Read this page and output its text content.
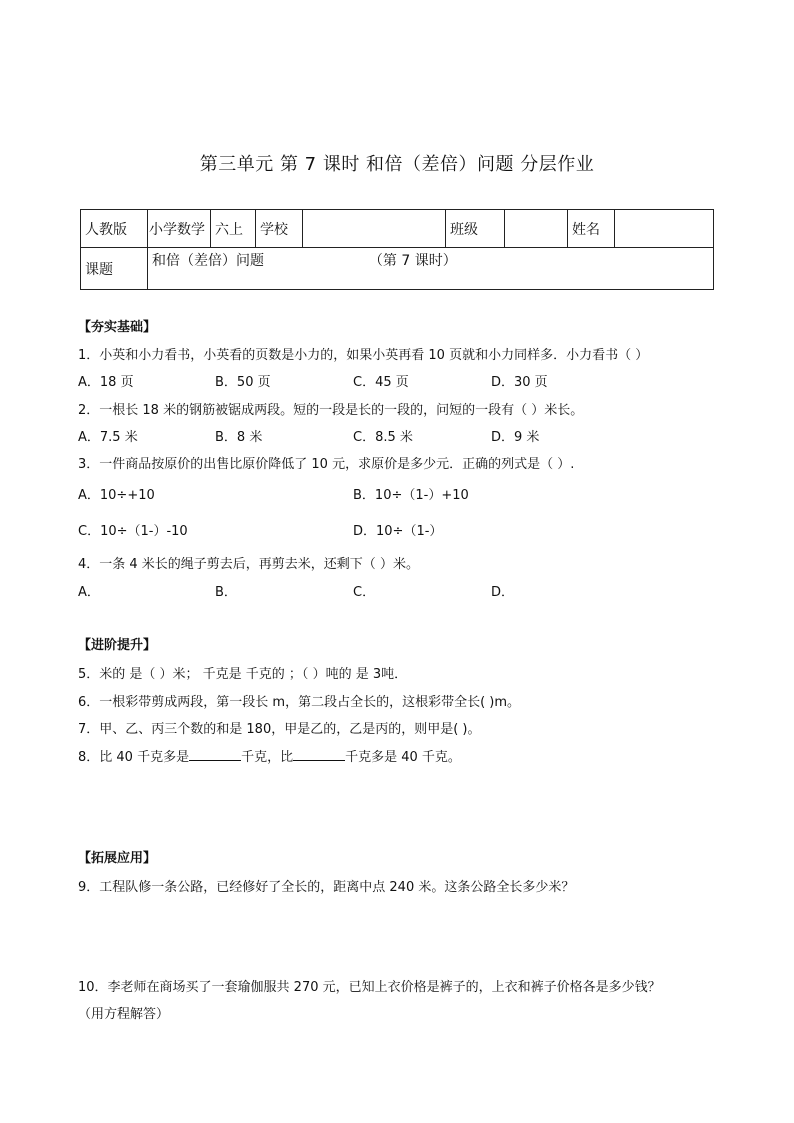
第三单元 第 7 课时 和倍（差倍）问题 分层作业
人教版	小学数学	六上	学校		班级		姓名	
课题	和倍（差倍）问题 （第 7 课时）							
【夯实基础】
1．小英和小力看书，小英看的页数是小力的，如果小英再看 10 页就和小力同样多．小力看书（ ）
A．18 页	B．50 页	C．45 页	D．30 页
2．一根长 18 米的钢筋被锯成两段。短的一段是长的一段的，问短的一段有（ ）米长。
A．7.5 米	B．8 米	C．8.5 米	D．9 米
3．一件商品按原价的出售比原价降低了 10 元，求原价是多少元．正确的列式是（ ）.
A．10÷+10	B．10÷（1-）+10
C．10÷（1-）-10	D．10÷（1-）
4．一条 4 米长的绳子剪去后，再剪去米，还剩下（ ）米。
A．	B．	C．	D．
【进阶提升】
5．米的 是（ ）米； 千克是 千克的 ；（ ）吨的 是 3吨．
6．一根彩带剪成两段，第一段长 m，第二段占全长的，这根彩带全长( )m。
7．甲、乙、丙三个数的和是 180，甲是乙的，乙是丙的，则甲是( )。
8．比 40 千克多是	千克，比	千克多是 40 千克。
【拓展应用】
9．工程队修一条公路，已经修好了全长的，距离中点 240 米。这条公路全长多少米？
10．李老师在商场买了一套瑜伽服共 270 元，已知上衣价格是裤子的，上衣和裤子价格各是多少钱？
（用方程解答）
